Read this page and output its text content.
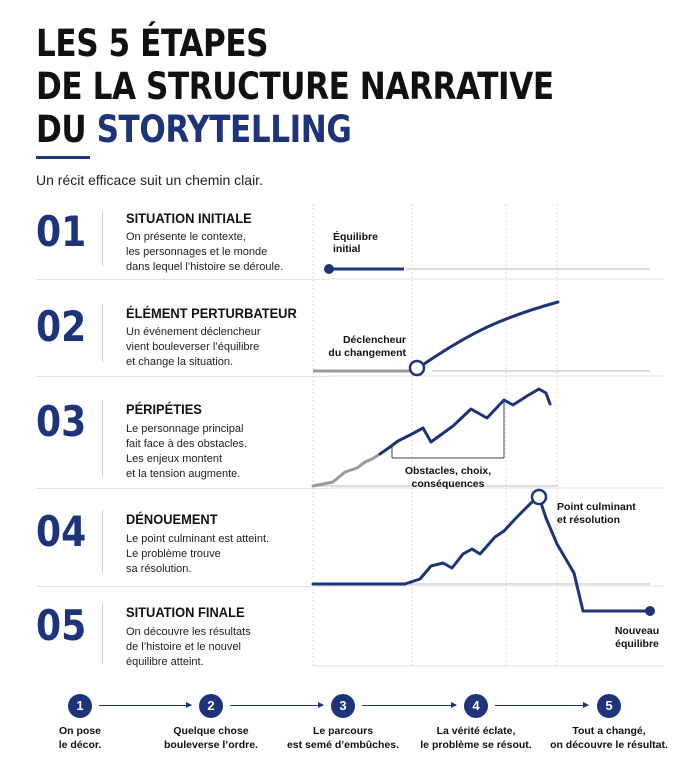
LES 5 ÉTAPES
DE LA STRUCTURE NARRATIVE
DU STORYTELLING
Un récit efficace suit un chemin clair.
01	SITUATION INITIALE
On présente le contexte,
les personnages et le monde
dans lequel l’histoire se déroule.
02	ÉLÉMENT PERTURBATEUR
Un événement déclencheur
vient bouleverser l’équilibre
et change la situation.
03	PÉRIPÉTIES
Le personnage principal
fait face à des obstacles.
Les enjeux montent
et la tension augmente.
04	DÉNOUEMENT
Le point culminant est atteint.
Le problème trouve
sa résolution.
05	SITUATION FINALE
On découvre les résultats
de l’histoire et le nouvel
équilibre atteint.
Équilibre
initial
Déclencheur
du changement
Obstacles, choix,
conséquences
Point culminant
et résolution
Nouveau
équilibre
1	2	3	4	5
On pose
le décor.
Quelque chose
bouleverse l’ordre.
Le parcours
est semé d’embûches.
La vérité éclate,
le problème se résout.
Tout a changé,
on découvre le résultat.
